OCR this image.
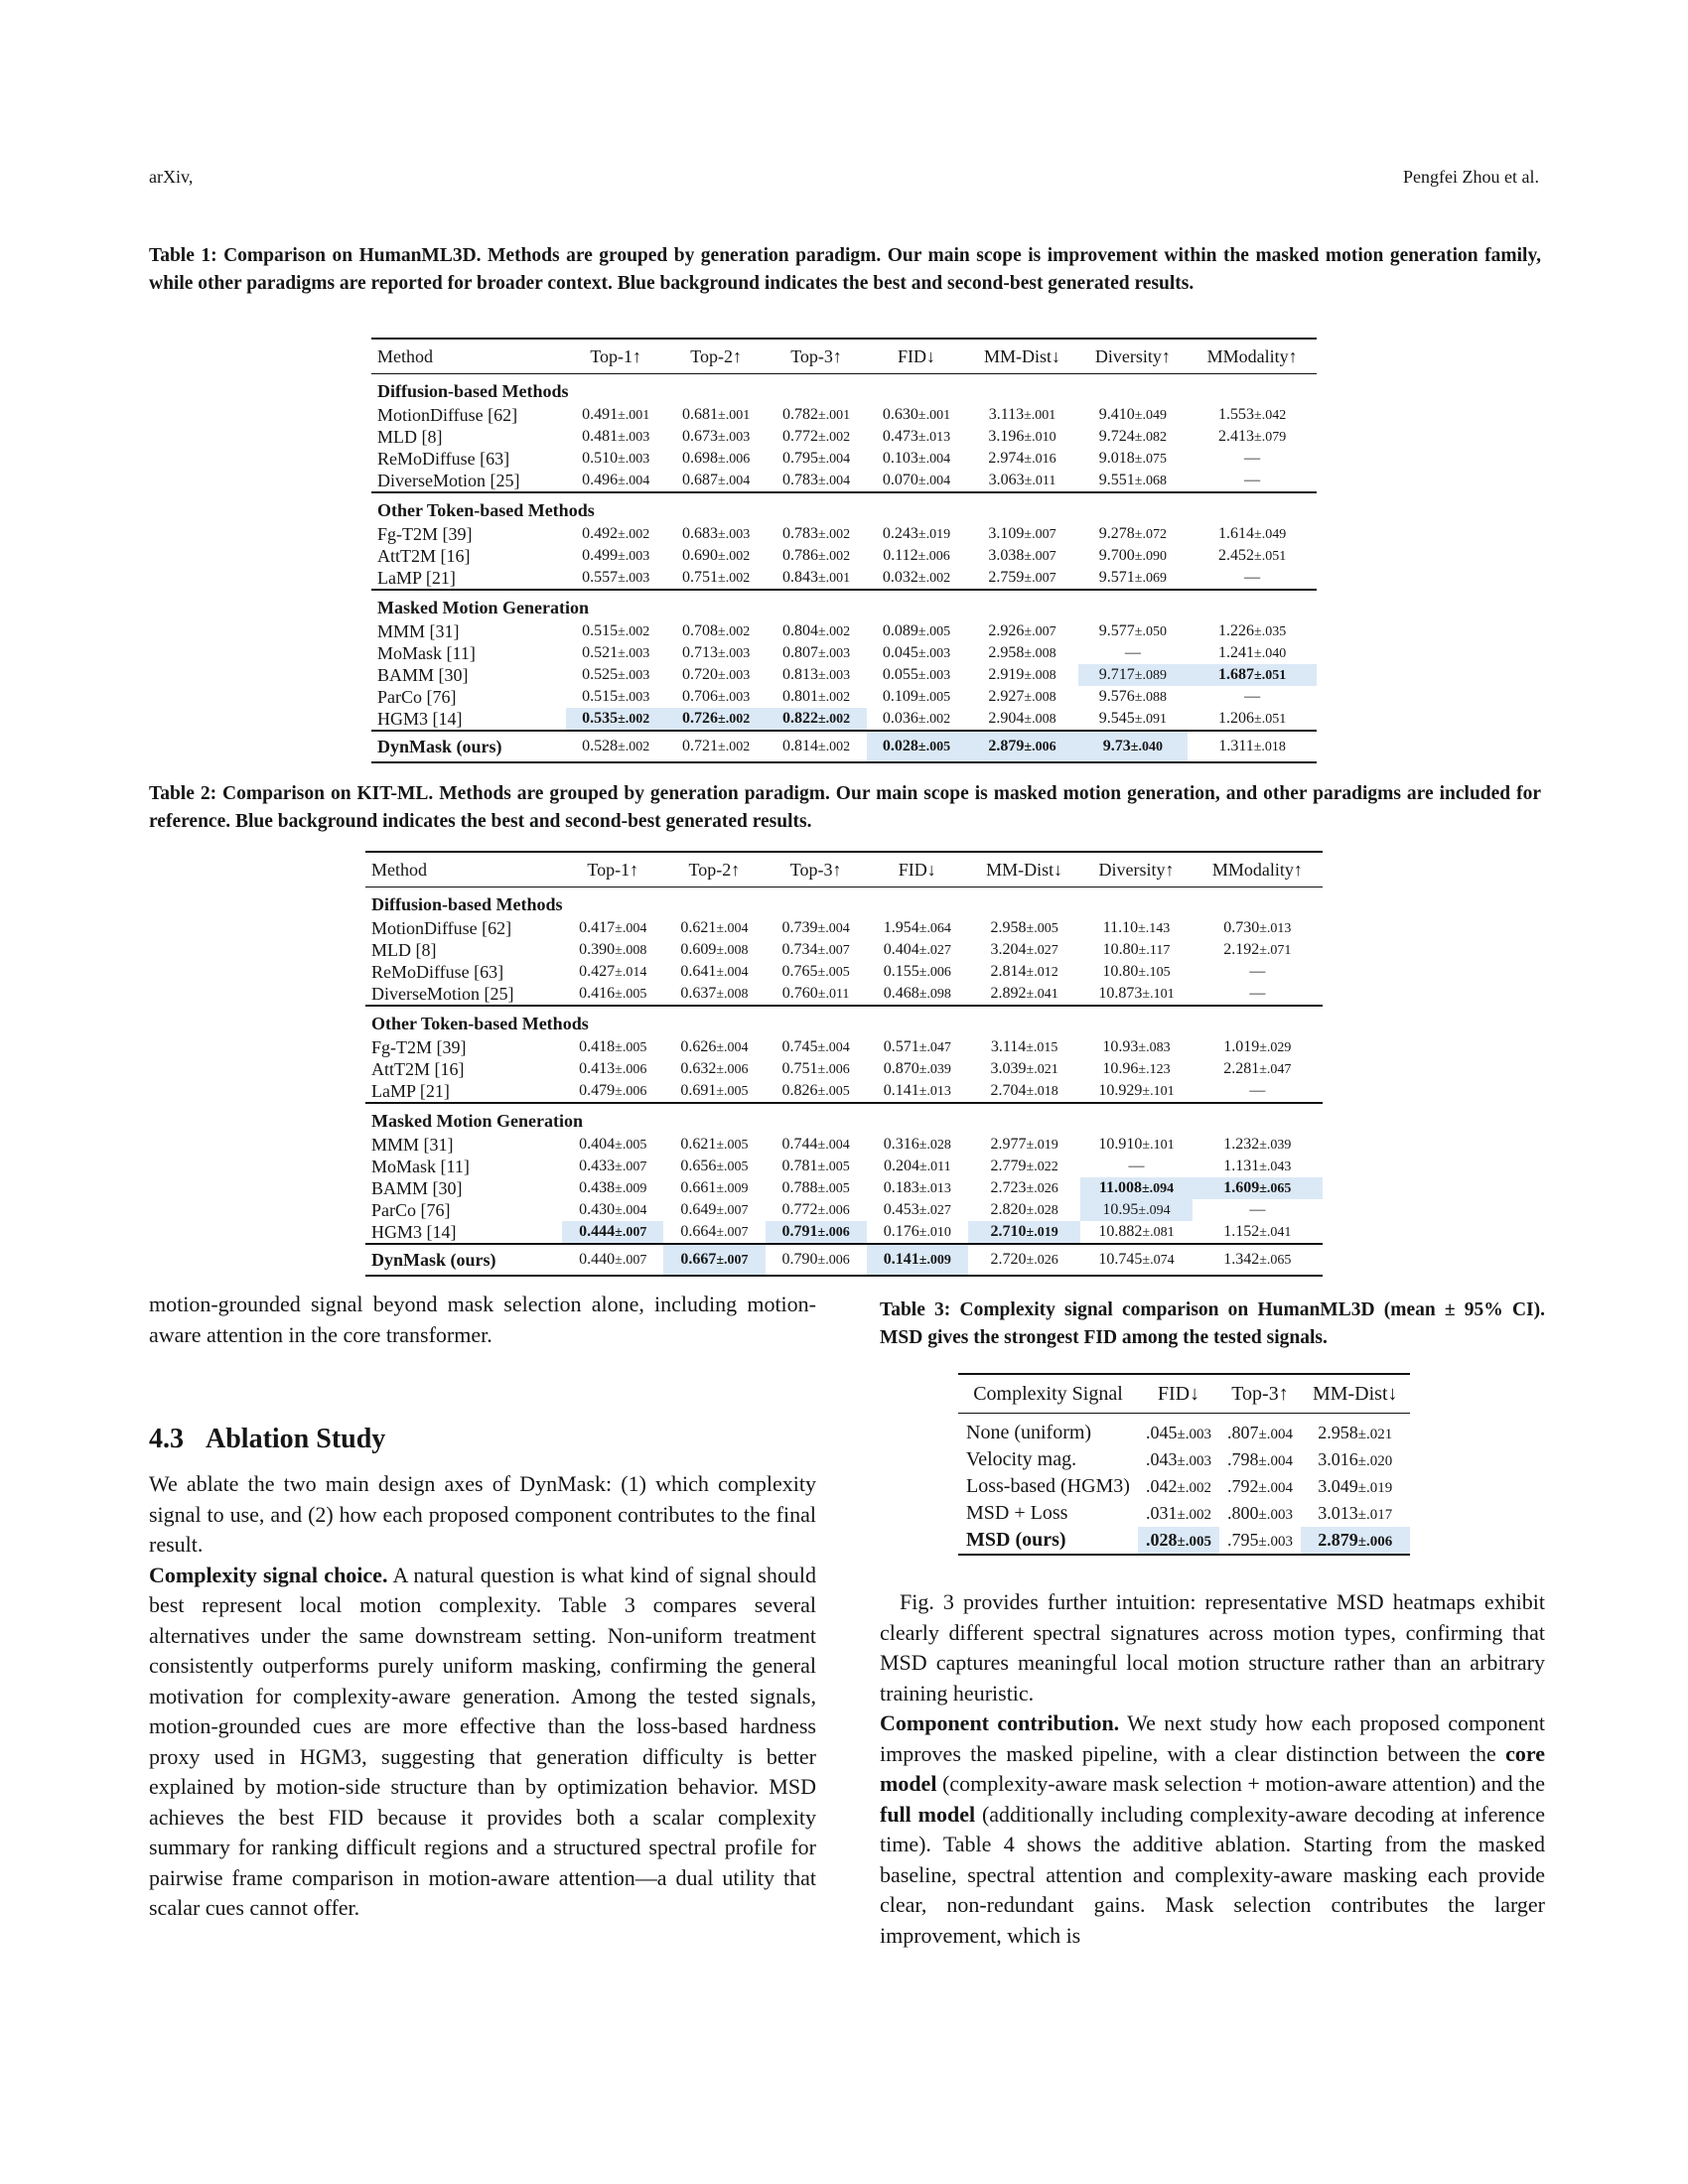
arXiv,	Pengfei Zhou et al.
Table 1: Comparison on HumanML3D. Methods are grouped by generation paradigm. Our main scope is improvement within the masked motion generation family, while other paradigms are reported for broader context. Blue background indicates the best and second-best generated results.
Method	Top-1↑	Top-2↑	Top-3↑	FID↓	MM-Dist↓	Diversity↑	MModality↑
Diffusion-based Methods							
MotionDiffuse [62]	0.491±.001	0.681±.001	0.782±.001	0.630±.001	3.113±.001	9.410±.049	1.553±.042
MLD [8]	0.481±.003	0.673±.003	0.772±.002	0.473±.013	3.196±.010	9.724±.082	2.413±.079
ReMoDiffuse [63]	0.510±.003	0.698±.006	0.795±.004	0.103±.004	2.974±.016	9.018±.075	—
DiverseMotion [25]	0.496±.004	0.687±.004	0.783±.004	0.070±.004	3.063±.011	9.551±.068	—
Other Token-based Methods							
Fg-T2M [39]	0.492±.002	0.683±.003	0.783±.002	0.243±.019	3.109±.007	9.278±.072	1.614±.049
AttT2M [16]	0.499±.003	0.690±.002	0.786±.002	0.112±.006	3.038±.007	9.700±.090	2.452±.051
LaMP [21]	0.557±.003	0.751±.002	0.843±.001	0.032±.002	2.759±.007	9.571±.069	—
Masked Motion Generation							
MMM [31]	0.515±.002	0.708±.002	0.804±.002	0.089±.005	2.926±.007	9.577±.050	1.226±.035
MoMask [11]	0.521±.003	0.713±.003	0.807±.003	0.045±.003	2.958±.008	—	1.241±.040
BAMM [30]	0.525±.003	0.720±.003	0.813±.003	0.055±.003	2.919±.008	9.717±.089	1.687±.051
ParCo [76]	0.515±.003	0.706±.003	0.801±.002	0.109±.005	2.927±.008	9.576±.088	—
HGM3 [14]	0.535±.002	0.726±.002	0.822±.002	0.036±.002	2.904±.008	9.545±.091	1.206±.051
DynMask (ours)	0.528±.002	0.721±.002	0.814±.002	0.028±.005	2.879±.006	9.73±.040	1.311±.018
Table 2: Comparison on KIT-ML. Methods are grouped by generation paradigm. Our main scope is masked motion generation, and other paradigms are included for reference. Blue background indicates the best and second-best generated results.
Method	Top-1↑	Top-2↑	Top-3↑	FID↓	MM-Dist↓	Diversity↑	MModality↑
Diffusion-based Methods							
MotionDiffuse [62]	0.417±.004	0.621±.004	0.739±.004	1.954±.064	2.958±.005	11.10±.143	0.730±.013
MLD [8]	0.390±.008	0.609±.008	0.734±.007	0.404±.027	3.204±.027	10.80±.117	2.192±.071
ReMoDiffuse [63]	0.427±.014	0.641±.004	0.765±.005	0.155±.006	2.814±.012	10.80±.105	—
DiverseMotion [25]	0.416±.005	0.637±.008	0.760±.011	0.468±.098	2.892±.041	10.873±.101	—
Other Token-based Methods							
Fg-T2M [39]	0.418±.005	0.626±.004	0.745±.004	0.571±.047	3.114±.015	10.93±.083	1.019±.029
AttT2M [16]	0.413±.006	0.632±.006	0.751±.006	0.870±.039	3.039±.021	10.96±.123	2.281±.047
LaMP [21]	0.479±.006	0.691±.005	0.826±.005	0.141±.013	2.704±.018	10.929±.101	—
Masked Motion Generation							
MMM [31]	0.404±.005	0.621±.005	0.744±.004	0.316±.028	2.977±.019	10.910±.101	1.232±.039
MoMask [11]	0.433±.007	0.656±.005	0.781±.005	0.204±.011	2.779±.022	—	1.131±.043
BAMM [30]	0.438±.009	0.661±.009	0.788±.005	0.183±.013	2.723±.026	11.008±.094	1.609±.065
ParCo [76]	0.430±.004	0.649±.007	0.772±.006	0.453±.027	2.820±.028	10.95±.094	—
HGM3 [14]	0.444±.007	0.664±.007	0.791±.006	0.176±.010	2.710±.019	10.882±.081	1.152±.041
DynMask (ours)	0.440±.007	0.667±.007	0.790±.006	0.141±.009	2.720±.026	10.745±.074	1.342±.065
motion-grounded signal beyond mask selection alone, including motion-aware attention in the core transformer.
4.3 Ablation Study
We ablate the two main design axes of DynMask: (1) which complexity signal to use, and (2) how each proposed component contributes to the final result.
Complexity signal choice. A natural question is what kind of signal should best represent local motion complexity. Table 3 compares several alternatives under the same downstream setting. Non-uniform treatment consistently outperforms purely uniform masking, confirming the general motivation for complexity-aware generation. Among the tested signals, motion-grounded cues are more effective than the loss-based hardness proxy used in HGM3, suggesting that generation difficulty is better explained by motion-side structure than by optimization behavior. MSD achieves the best FID because it provides both a scalar complexity summary for ranking difficult regions and a structured spectral profile for pairwise frame comparison in motion-aware attention—a dual utility that scalar cues cannot offer.
Table 3: Complexity signal comparison on HumanML3D (mean ± 95% CI). MSD gives the strongest FID among the tested signals.
Complexity Signal	FID↓	Top-3↑	MM-Dist↓
None (uniform)	.045±.003	.807±.004	2.958±.021
Velocity mag.	.043±.003	.798±.004	3.016±.020
Loss-based (HGM3)	.042±.002	.792±.004	3.049±.019
MSD + Loss	.031±.002	.800±.003	3.013±.017
MSD (ours)	.028±.005	.795±.003	2.879±.006
Fig. 3 provides further intuition: representative MSD heatmaps exhibit clearly different spectral signatures across motion types, confirming that MSD captures meaningful local motion structure rather than an arbitrary training heuristic.
Component contribution. We next study how each proposed component improves the masked pipeline, with a clear distinction between the core model (complexity-aware mask selection + motion-aware attention) and the full model (additionally including complexity-aware decoding at inference time). Table 4 shows the additive ablation. Starting from the masked baseline, spectral attention and complexity-aware masking each provide clear, non-redundant gains. Mask selection contributes the larger improvement, which is
